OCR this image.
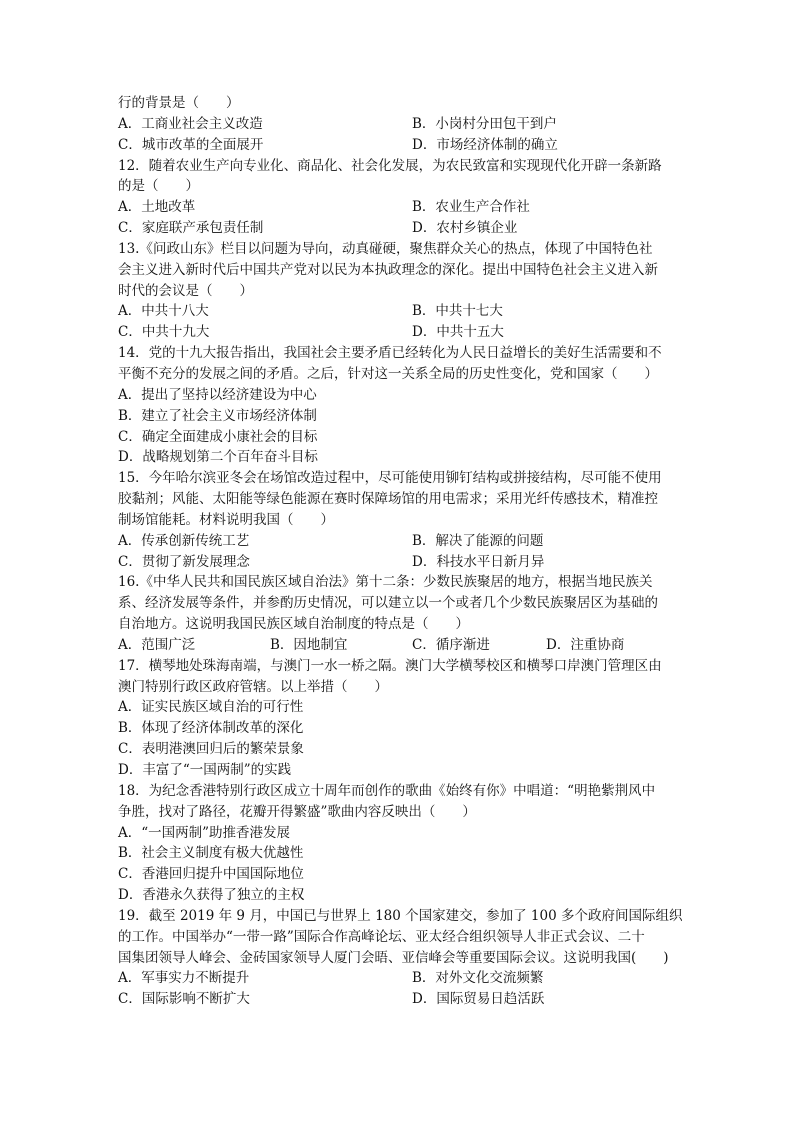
行的背景是（　　）
A．工商业社会主义改造	B．小岗村分田包干到户
C．城市改革的全面展开	D．市场经济体制的确立
12．随着农业生产向专业化、商品化、社会化发展，为农民致富和实现现代化开辟一条新路
的是（　　）
A．土地改革	B．农业生产合作社
C．家庭联产承包责任制	D．农村乡镇企业
13.《问政山东》栏目以问题为导向，动真碰硬，聚焦群众关心的热点，体现了中国特色社
会主义进入新时代后中国共产党对以民为本执政理念的深化。提出中国特色社会主义进入新
时代的会议是（　　）
A．中共十八大	B．中共十七大
C．中共十九大	D．中共十五大
14．党的十九大报告指出，我国社会主要矛盾已经转化为人民日益增长的美好生活需要和不
平衡不充分的发展之间的矛盾。之后，针对这一关系全局的历史性变化，党和国家（　　）
A．提出了坚持以经济建设为中心
B．建立了社会主义市场经济体制
C．确定全面建成小康社会的目标
D．战略规划第二个百年奋斗目标
15．今年哈尔滨亚冬会在场馆改造过程中，尽可能使用铆钉结构或拼接结构，尽可能不使用
胶黏剂；风能、太阳能等绿色能源在赛时保障场馆的用电需求；采用光纤传感技术，精准控
制场馆能耗。材料说明我国（　　）
A．传承创新传统工艺	B．解决了能源的问题
C．贯彻了新发展理念	D．科技水平日新月异
16.《中华人民共和国民族区域自治法》第十二条：少数民族聚居的地方，根据当地民族关
系、经济发展等条件，并参酌历史情况，可以建立以一个或者几个少数民族聚居区为基础的
自治地方。这说明我国民族区域自治制度的特点是（　　）
A．范围广泛	B．因地制宜	C．循序渐进	D．注重协商
17．横琴地处珠海南端，与澳门一水一桥之隔。澳门大学横琴校区和横琴口岸澳门管理区由
澳门特别行政区政府管辖。以上举措（　　）
A．证实民族区域自治的可行性
B．体现了经济体制改革的深化
C．表明港澳回归后的繁荣景象
D．丰富了“一国两制”的实践
18．为纪念香港特别行政区成立十周年而创作的歌曲《始终有你》中唱道：“明艳紫荆风中
争胜，找对了路径，花瓣开得繁盛”歌曲内容反映出（　　）
A．“一国两制”助推香港发展
B．社会主义制度有极大优越性
C．香港回归提升中国国际地位
D．香港永久获得了独立的主权
19．截至 2019 年 9 月，中国已与世界上 180 个国家建交，参加了 100 多个政府间国际组织
的工作。中国举办“一带一路”国际合作高峰论坛、亚太经合组织领导人非正式会议、二十
国集团领导人峰会、金砖国家领导人厦门会晤、亚信峰会等重要国际会议。这说明我国(　　)
A．军事实力不断提升	B．对外文化交流频繁
C．国际影响不断扩大	D．国际贸易日趋活跃
